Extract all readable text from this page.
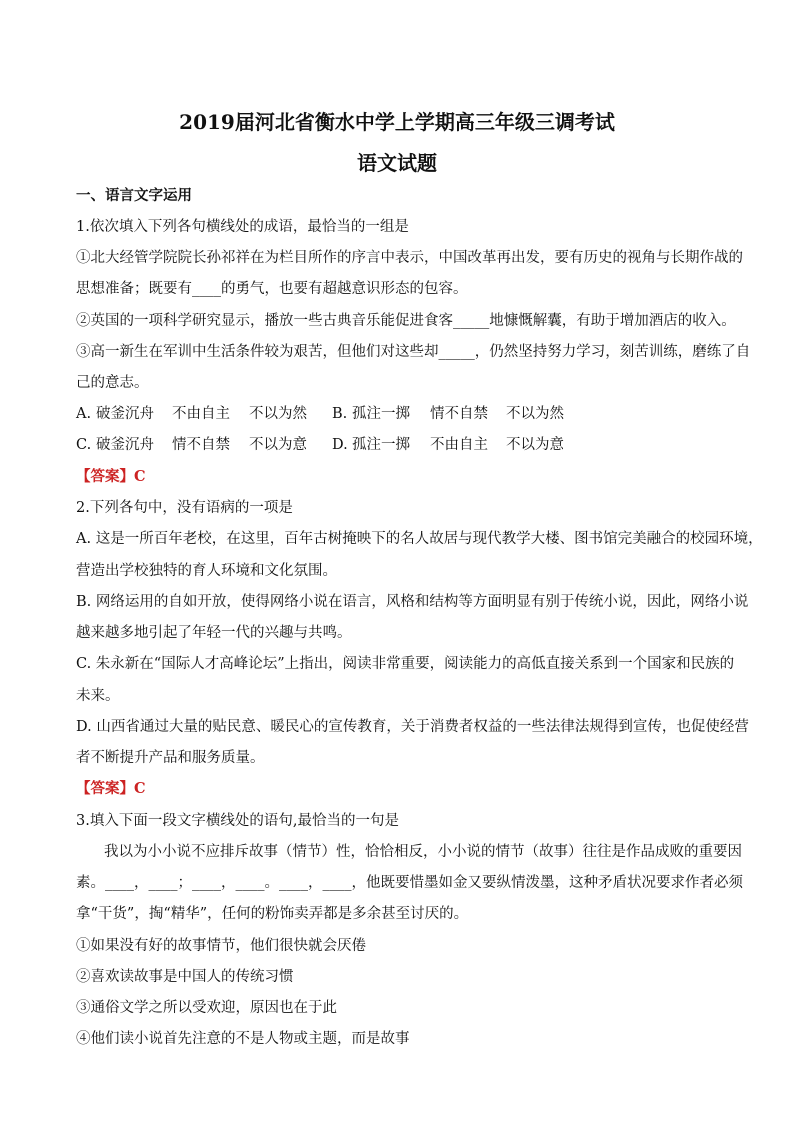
2019届河北省衡水中学上学期高三年级三调考试
语文试题
一、语言文字运用
1.依次填入下列各句横线处的成语，最恰当的一组是
①北大经管学院院长孙祁祥在为栏目所作的序言中表示，中国改革再出发，要有历史的视角与长期作战的
思想准备；既要有____的勇气，也要有超越意识形态的包容。
②英国的一项科学研究显示，播放一些古典音乐能促进食客_____地慷慨解囊，有助于增加酒店的收入。
③高一新生在军训中生活条件较为艰苦，但他们对这些却_____，仍然坚持努力学习，刻苦训练，磨练了自
己的意志。
A. 破釜沉舟 不由自主 不以为然 B. 孤注一掷 情不自禁 不以为然
C. 破釜沉舟 情不自禁 不以为意 D. 孤注一掷 不由自主 不以为意
【答案】C
2.下列各句中，没有语病的一项是
A. 这是一所百年老校，在这里，百年古树掩映下的名人故居与现代教学大楼、图书馆完美融合的校园环境，
营造出学校独特的育人环境和文化氛围。
B. 网络运用的自如开放，使得网络小说在语言，风格和结构等方面明显有别于传统小说，因此，网络小说
越来越多地引起了年轻一代的兴趣与共鸣。
C. 朱永新在“国际人才高峰论坛”上指出，阅读非常重要，阅读能力的高低直接关系到一个国家和民族的
未来。
D. 山西省通过大量的贴民意、暖民心的宣传教育，关于消费者权益的一些法律法规得到宣传，也促使经营
者不断提升产品和服务质量。
【答案】C
3.填入下面一段文字横线处的语句,最恰当的一句是
我以为小小说不应排斥故事（情节）性，恰恰相反，小小说的情节（故事）往往是作品成败的重要因
素。____，____；____，____。____，____，他既要惜墨如金又要纵情泼墨，这种矛盾状况要求作者必须
拿“干货”，掏“精华”，任何的粉饰卖弄都是多余甚至讨厌的。
①如果没有好的故事情节，他们很快就会厌倦
②喜欢读故事是中国人的传统习惯
③通俗文学之所以受欢迎，原因也在于此
④他们读小说首先注意的不是人物或主题，而是故事
